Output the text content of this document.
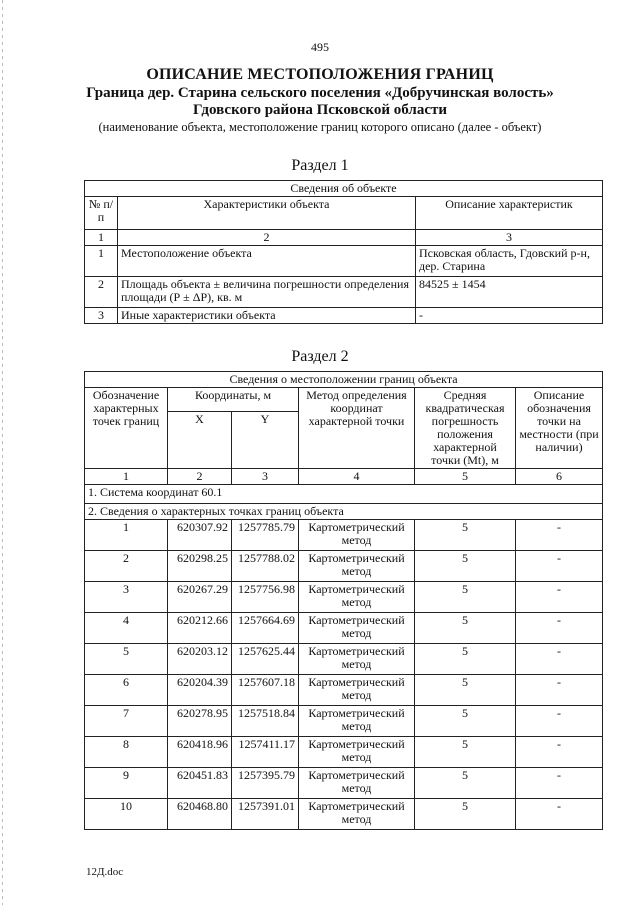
495
ОПИСАНИЕ МЕСТОПОЛОЖЕНИЯ ГРАНИЦ
Граница дер. Старина сельского поселения «Добручинская волость»
Гдовского района Псковской области
(наименование объекта, местоположение границ которого описано (далее - объект)
Раздел 1
Сведения об объекте		
№ п/п	Характеристики объекта	Описание характеристик
1	2	3
1	Местоположение объекта	Псковская область, Гдовский р-н, дер. Старина
2	Площадь объекта ± величина погрешности определения площади (Р ± ΔР), кв. м	84525 ± 1454
3	Иные характеристики объекта	-
Раздел 2
Сведения о местоположении границ объекта					
Обозначение характерных точек границ	Координаты, м		Метод определения координат характерной точки	Средняя квадратическая погрешность положения характерной точки (Mt), м	Описание обозначения точки на местности (при наличии)
	X	Y			
1	2	3	4	5	6
1. Система координат 60.1					
2. Сведения о характерных точках границ объекта					
1	620307.92	1257785.79	Картометрический метод	5	-
2	620298.25	1257788.02	Картометрический метод	5	-
3	620267.29	1257756.98	Картометрический метод	5	-
4	620212.66	1257664.69	Картометрический метод	5	-
5	620203.12	1257625.44	Картометрический метод	5	-
6	620204.39	1257607.18	Картометрический метод	5	-
7	620278.95	1257518.84	Картометрический метод	5	-
8	620418.96	1257411.17	Картометрический метод	5	-
9	620451.83	1257395.79	Картометрический метод	5	-
10	620468.80	1257391.01	Картометрический метод	5	-
12Д.doc
